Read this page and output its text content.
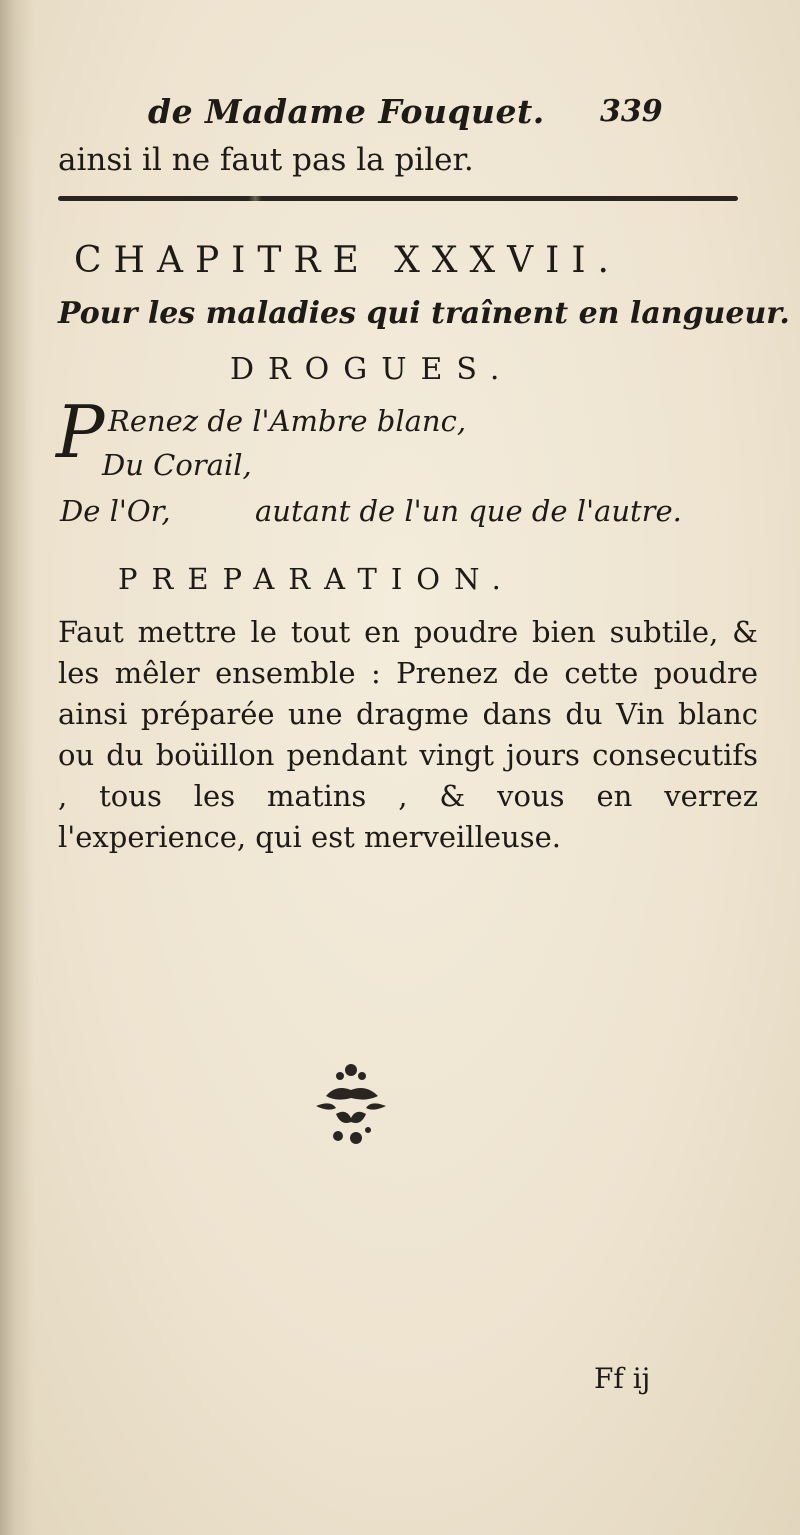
de Madame Fouquet. 339
ainsi il ne faut pas la piler.
CHAPITRE XXXVII.
Pour les maladies qui traînent en langueur.
DROGUES.
P Renez de l'Ambre blanc,
Du Corail,
De l'Or,	autant de l'un que de l'autre.
PREPARATION.
Faut mettre le tout en poudre bien subtile, & les mêler ensemble : Prenez de cette poudre ainsi préparée une dragme dans du Vin blanc ou du boüillon pendant vingt jours consecutifs , tous les matins , & vous en verrez l'experience, qui est merveilleuse.
Ff ij
